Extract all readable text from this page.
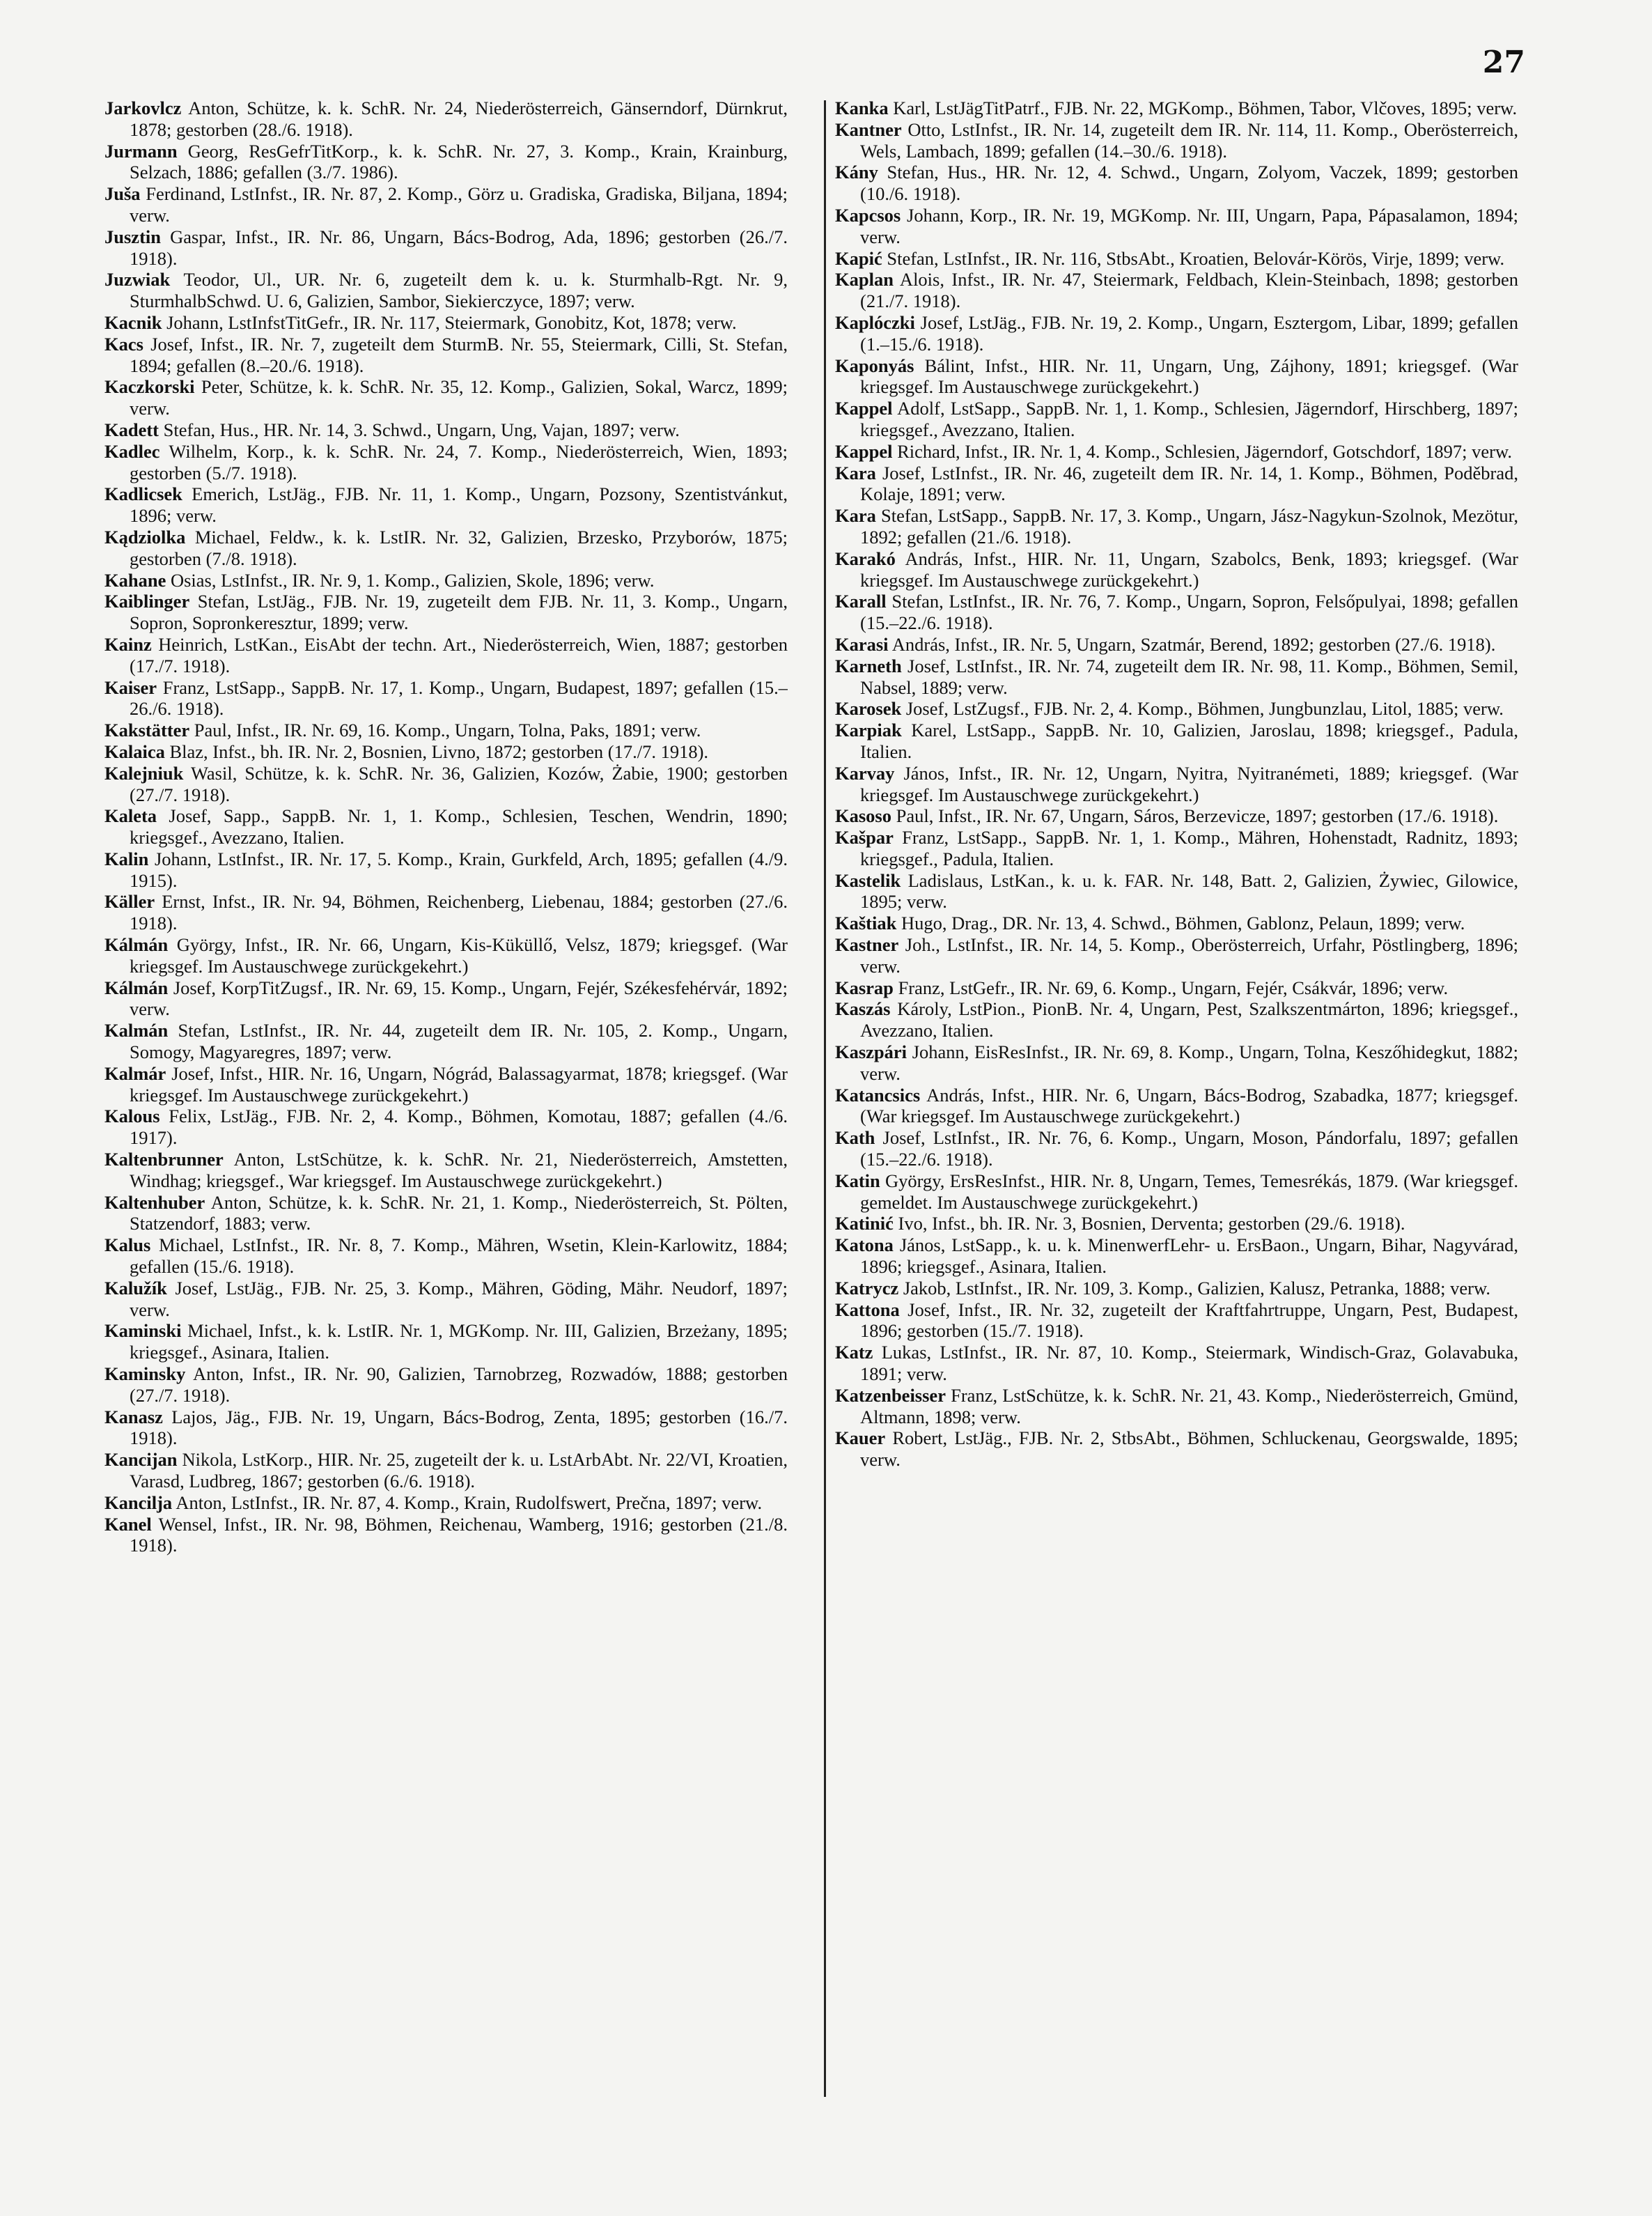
27

Jarkovlcz Anton, Schütze, k. k. SchR. Nr. 24, Niederösterreich, Gänserndorf, Dürnkrut, 1878; gestorben (28./6. 1918).

Jurmann Georg, ResGefrTitKorp., k. k. SchR. Nr. 27, 3. Komp., Krain, Krainburg, Selzach, 1886; gefallen (3./7. 1986).

Juša Ferdinand, LstInfst., IR. Nr. 87, 2. Komp., Görz u. Gradiska, Gradiska, Biljana, 1894; verw.

Jusztin Gaspar, Infst., IR. Nr. 86, Ungarn, Bács-Bodrog, Ada, 1896; gestorben (26./7. 1918).

Juzwiak Teodor, Ul., UR. Nr. 6, zugeteilt dem k. u. k. Sturmhalb-Rgt. Nr. 9, SturmhalbSchwd. U. 6, Galizien, Sambor, Siekierczyce, 1897; verw.

Kacnik Johann, LstInfstTitGefr., IR. Nr. 117, Steiermark, Gonobitz, Kot, 1878; verw.

Kacs Josef, Infst., IR. Nr. 7, zugeteilt dem SturmB. Nr. 55, Steiermark, Cilli, St. Stefan, 1894; gefallen (8.–20./6. 1918).

Kaczkorski Peter, Schütze, k. k. SchR. Nr. 35, 12. Komp., Galizien, Sokal, Warcz, 1899; verw.

Kadett Stefan, Hus., HR. Nr. 14, 3. Schwd., Ungarn, Ung, Vajan, 1897; verw.

Kadlec Wilhelm, Korp., k. k. SchR. Nr. 24, 7. Komp., Niederösterreich, Wien, 1893; gestorben (5./7. 1918).

Kadlicsek Emerich, LstJäg., FJB. Nr. 11, 1. Komp., Ungarn, Pozsony, Szentistvánkut, 1896; verw.

Kądziolka Michael, Feldw., k. k. LstIR. Nr. 32, Galizien, Brzesko, Przyborów, 1875; gestorben (7./8. 1918).

Kahane Osias, LstInfst., IR. Nr. 9, 1. Komp., Galizien, Skole, 1896; verw.

Kaiblinger Stefan, LstJäg., FJB. Nr. 19, zugeteilt dem FJB. Nr. 11, 3. Komp., Ungarn, Sopron, Sopronkeresztur, 1899; verw.

Kainz Heinrich, LstKan., EisAbt der techn. Art., Niederösterreich, Wien, 1887; gestorben (17./7. 1918).

Kaiser Franz, LstSapp., SappB. Nr. 17, 1. Komp., Ungarn, Budapest, 1897; gefallen (15.–26./6. 1918).

Kakstätter Paul, Infst., IR. Nr. 69, 16. Komp., Ungarn, Tolna, Paks, 1891; verw.

Kalaica Blaz, Infst., bh. IR. Nr. 2, Bosnien, Livno, 1872; gestorben (17./7. 1918).

Kalejniuk Wasil, Schütze, k. k. SchR. Nr. 36, Galizien, Kozów, Żabie, 1900; gestorben (27./7. 1918).

Kaleta Josef, Sapp., SappB. Nr. 1, 1. Komp., Schlesien, Teschen, Wendrin, 1890; kriegsgef., Avezzano, Italien.

Kalin Johann, LstInfst., IR. Nr. 17, 5. Komp., Krain, Gurkfeld, Arch, 1895; gefallen (4./9. 1915).

Käller Ernst, Infst., IR. Nr. 94, Böhmen, Reichenberg, Liebenau, 1884; gestorben (27./6. 1918).

Kálmán György, Infst., IR. Nr. 66, Ungarn, Kis-Küküllő, Velsz, 1879; kriegsgef. (War kriegsgef. Im Austauschwege zurückgekehrt.)

Kálmán Josef, KorpTitZugsf., IR. Nr. 69, 15. Komp., Ungarn, Fejér, Székesfehérvár, 1892; verw.

Kalmán Stefan, LstInfst., IR. Nr. 44, zugeteilt dem IR. Nr. 105, 2. Komp., Ungarn, Somogy, Magyaregres, 1897; verw.

Kalmár Josef, Infst., HIR. Nr. 16, Ungarn, Nógrád, Balassagyarmat, 1878; kriegsgef. (War kriegsgef. Im Austauschwege zurückgekehrt.)

Kalous Felix, LstJäg., FJB. Nr. 2, 4. Komp., Böhmen, Komotau, 1887; gefallen (4./6. 1917).

Kaltenbrunner Anton, LstSchütze, k. k. SchR. Nr. 21, Niederösterreich, Amstetten, Windhag; kriegsgef., War kriegsgef. Im Austauschwege zurückgekehrt.)

Kaltenhuber Anton, Schütze, k. k. SchR. Nr. 21, 1. Komp., Niederösterreich, St. Pölten, Statzendorf, 1883; verw.

Kalus Michael, LstInfst., IR. Nr. 8, 7. Komp., Mähren, Wsetin, Klein-Karlowitz, 1884; gefallen (15./6. 1918).

Kalužík Josef, LstJäg., FJB. Nr. 25, 3. Komp., Mähren, Göding, Mähr. Neudorf, 1897; verw.

Kaminski Michael, Infst., k. k. LstIR. Nr. 1, MGKomp. Nr. III, Galizien, Brzeżany, 1895; kriegsgef., Asinara, Italien.

Kaminsky Anton, Infst., IR. Nr. 90, Galizien, Tarnobrzeg, Rozwadów, 1888; gestorben (27./7. 1918).

Kanasz Lajos, Jäg., FJB. Nr. 19, Ungarn, Bács-Bodrog, Zenta, 1895; gestorben (16./7. 1918).

Kancijan Nikola, LstKorp., HIR. Nr. 25, zugeteilt der k. u. LstArbAbt. Nr. 22/VI, Kroatien, Varasd, Ludbreg, 1867; gestorben (6./6. 1918).

Kancilja Anton, LstInfst., IR. Nr. 87, 4. Komp., Krain, Rudolfswert, Prečna, 1897; verw.

Kanel Wensel, Infst., IR. Nr. 98, Böhmen, Reichenau, Wamberg, 1916; gestorben (21./8. 1918).

Kanka Karl, LstJägTitPatrf., FJB. Nr. 22, MGKomp., Böhmen, Tabor, Vlčoves, 1895; verw.

Kantner Otto, LstInfst., IR. Nr. 14, zugeteilt dem IR. Nr. 114, 11. Komp., Oberösterreich, Wels, Lambach, 1899; gefallen (14.–30./6. 1918).

Kány Stefan, Hus., HR. Nr. 12, 4. Schwd., Ungarn, Zolyom, Vaczek, 1899; gestorben (10./6. 1918).

Kapcsos Johann, Korp., IR. Nr. 19, MGKomp. Nr. III, Ungarn, Papa, Pápasalamon, 1894; verw.

Kapić Stefan, LstInfst., IR. Nr. 116, StbsAbt., Kroatien, Belovár-Körös, Virje, 1899; verw.

Kaplan Alois, Infst., IR. Nr. 47, Steiermark, Feldbach, Klein-Steinbach, 1898; gestorben (21./7. 1918).

Kaplóczki Josef, LstJäg., FJB. Nr. 19, 2. Komp., Ungarn, Esztergom, Libar, 1899; gefallen (1.–15./6. 1918).

Kaponyás Bálint, Infst., HIR. Nr. 11, Ungarn, Ung, Zájhony, 1891; kriegsgef. (War kriegsgef. Im Austauschwege zurückgekehrt.)

Kappel Adolf, LstSapp., SappB. Nr. 1, 1. Komp., Schlesien, Jägerndorf, Hirschberg, 1897; kriegsgef., Avezzano, Italien.

Kappel Richard, Infst., IR. Nr. 1, 4. Komp., Schlesien, Jägerndorf, Gotschdorf, 1897; verw.

Kara Josef, LstInfst., IR. Nr. 46, zugeteilt dem IR. Nr. 14, 1. Komp., Böhmen, Poděbrad, Kolaje, 1891; verw.

Kara Stefan, LstSapp., SappB. Nr. 17, 3. Komp., Ungarn, Jász-Nagykun-Szolnok, Mezötur, 1892; gefallen (21./6. 1918).

Karakó András, Infst., HIR. Nr. 11, Ungarn, Szabolcs, Benk, 1893; kriegsgef. (War kriegsgef. Im Austauschwege zurückgekehrt.)

Karall Stefan, LstInfst., IR. Nr. 76, 7. Komp., Ungarn, Sopron, Felsőpulyai, 1898; gefallen (15.–22./6. 1918).

Karasi András, Infst., IR. Nr. 5, Ungarn, Szatmár, Berend, 1892; gestorben (27./6. 1918).

Karneth Josef, LstInfst., IR. Nr. 74, zugeteilt dem IR. Nr. 98, 11. Komp., Böhmen, Semil, Nabsel, 1889; verw.

Karosek Josef, LstZugsf., FJB. Nr. 2, 4. Komp., Böhmen, Jungbunzlau, Litol, 1885; verw.

Karpiak Karel, LstSapp., SappB. Nr. 10, Galizien, Jaroslau, 1898; kriegsgef., Padula, Italien.

Karvay János, Infst., IR. Nr. 12, Ungarn, Nyitra, Nyitranémeti, 1889; kriegsgef. (War kriegsgef. Im Austauschwege zurückgekehrt.)

Kasoso Paul, Infst., IR. Nr. 67, Ungarn, Sáros, Berzevicze, 1897; gestorben (17./6. 1918).

Kašpar Franz, LstSapp., SappB. Nr. 1, 1. Komp., Mähren, Hohenstadt, Radnitz, 1893; kriegsgef., Padula, Italien.

Kastelik Ladislaus, LstKan., k. u. k. FAR. Nr. 148, Batt. 2, Galizien, Żywiec, Gilowice, 1895; verw.

Kaštiak Hugo, Drag., DR. Nr. 13, 4. Schwd., Böhmen, Gablonz, Pelaun, 1899; verw.

Kastner Joh., LstInfst., IR. Nr. 14, 5. Komp., Oberösterreich, Urfahr, Pöstlingberg, 1896; verw.

Kasrap Franz, LstGefr., IR. Nr. 69, 6. Komp., Ungarn, Fejér, Csákvár, 1896; verw.

Kaszás Károly, LstPion., PionB. Nr. 4, Ungarn, Pest, Szalkszentmárton, 1896; kriegsgef., Avezzano, Italien.

Kaszpári Johann, EisResInfst., IR. Nr. 69, 8. Komp., Ungarn, Tolna, Keszőhidegkut, 1882; verw.

Katancsics András, Infst., HIR. Nr. 6, Ungarn, Bács-Bodrog, Szabadka, 1877; kriegsgef. (War kriegsgef. Im Austauschwege zurückgekehrt.)

Kath Josef, LstInfst., IR. Nr. 76, 6. Komp., Ungarn, Moson, Pándorfalu, 1897; gefallen (15.–22./6. 1918).

Katin György, ErsResInfst., HIR. Nr. 8, Ungarn, Temes, Temesrékás, 1879. (War kriegsgef. gemeldet. Im Austauschwege zurückgekehrt.)

Katinić Ivo, Infst., bh. IR. Nr. 3, Bosnien, Derventa; gestorben (29./6. 1918).

Katona János, LstSapp., k. u. k. MinenwerfLehr- u. ErsBaon., Ungarn, Bihar, Nagyvárad, 1896; kriegsgef., Asinara, Italien.

Katrycz Jakob, LstInfst., IR. Nr. 109, 3. Komp., Galizien, Kalusz, Petranka, 1888; verw.

Kattona Josef, Infst., IR. Nr. 32, zugeteilt der Kraftfahrtruppe, Ungarn, Pest, Budapest, 1896; gestorben (15./7. 1918).

Katz Lukas, LstInfst., IR. Nr. 87, 10. Komp., Steiermark, Windisch-Graz, Golavabuka, 1891; verw.

Katzenbeisser Franz, LstSchütze, k. k. SchR. Nr. 21, 43. Komp., Niederösterreich, Gmünd, Altmann, 1898; verw.

Kauer Robert, LstJäg., FJB. Nr. 2, StbsAbt., Böhmen, Schluckenau, Georgswalde, 1895; verw.
